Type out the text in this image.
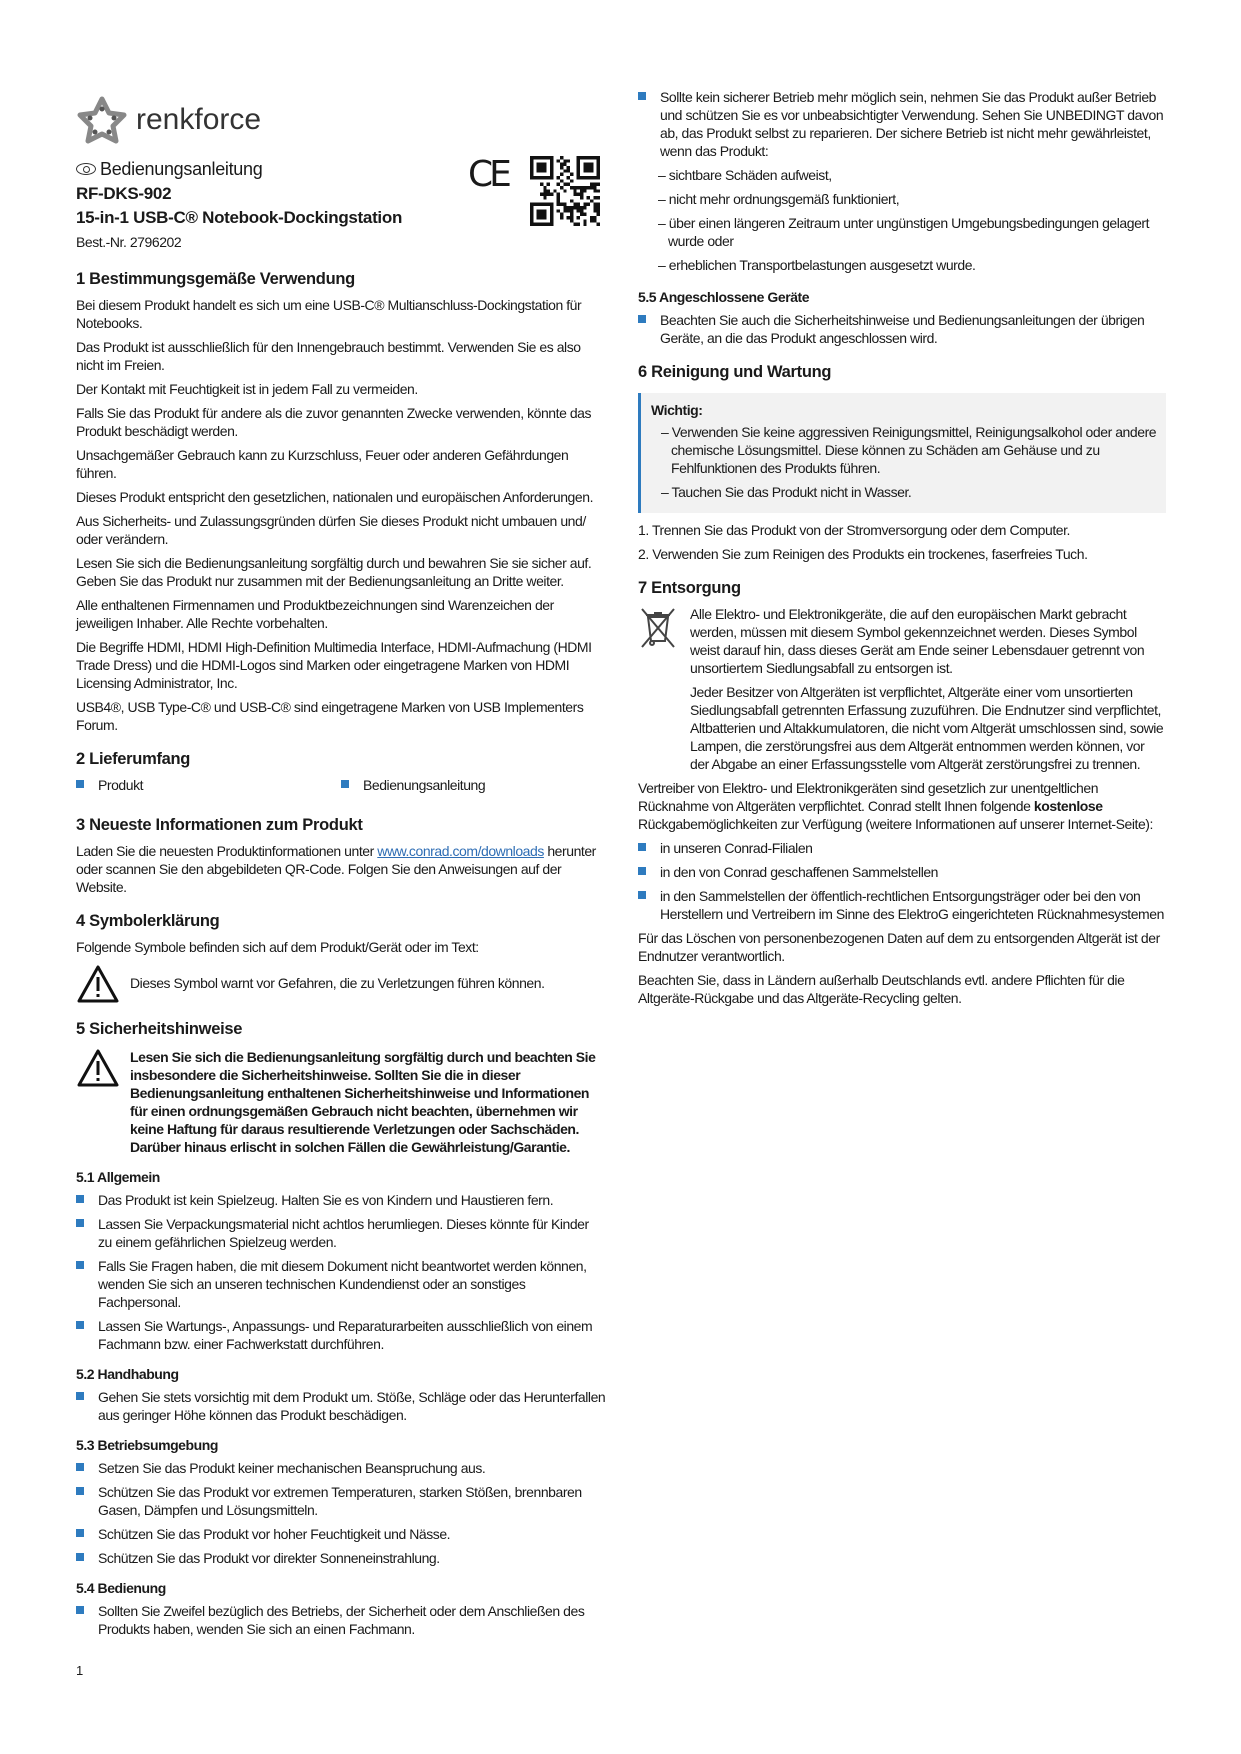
renkforce
Bedienungsanleitung
RF-DKS-902
15-in-1 USB-C® Notebook-Dockingstation
Best.-Nr. 2796202
CE
1 Bestimmungsgemäße Verwendung

Bei diesem Produkt handelt es sich um eine USB-C® Multianschluss-Dockingstation für Notebooks.

Das Produkt ist ausschließlich für den Innengebrauch bestimmt. Verwenden Sie es also nicht im Freien.

Der Kontakt mit Feuchtigkeit ist in jedem Fall zu vermeiden.

Falls Sie das Produkt für andere als die zuvor genannten Zwecke verwenden, könnte das Produkt beschädigt werden.

Unsachgemäßer Gebrauch kann zu Kurzschluss, Feuer oder anderen Gefährdungen führen.

Dieses Produkt entspricht den gesetzlichen, nationalen und europäischen Anforderungen.

Aus Sicherheits- und Zulassungsgründen dürfen Sie dieses Produkt nicht umbauen und/ oder verändern.

Lesen Sie sich die Bedienungsanleitung sorgfältig durch und bewahren Sie sie sicher auf. Geben Sie das Produkt nur zusammen mit der Bedienungsanleitung an Dritte weiter.

Alle enthaltenen Firmennamen und Produktbezeichnungen sind Warenzeichen der jeweiligen Inhaber. Alle Rechte vorbehalten.

Die Begriffe HDMI, HDMI High-Definition Multimedia Interface, HDMI-Aufmachung (HDMI Trade Dress) und die HDMI-Logos sind Marken oder eingetragene Marken von HDMI Licensing Administrator, Inc.

USB4®, USB Type-C® und USB-C® sind eingetragene Marken von USB Implementers Forum.

2 Lieferumfang
Produkt	Bedienungsanleitung
3 Neueste Informationen zum Produkt

Laden Sie die neuesten Produktinformationen unter www.conrad.com/downloads herunter oder scannen Sie den abgebildeten QR-Code. Folgen Sie den Anweisungen auf der Website.

4 Symbolerklärung

Folgende Symbole befinden sich auf dem Produkt/Gerät oder im Text:

Dieses Symbol warnt vor Gefahren, die zu Verletzungen führen können.
5 Sicherheitshinweise
Lesen Sie sich die Bedienungsanleitung sorgfältig durch und beachten Sie insbesondere die Sicherheitshinweise. Sollten Sie die in dieser Bedienungsanleitung enthaltenen Sicherheitshinweise und Informationen für einen ordnungsgemäßen Gebrauch nicht beachten, übernehmen wir keine Haftung für daraus resultierende Verletzungen oder Sachschäden. Darüber hinaus erlischt in solchen Fällen die Gewährleistung/Garantie.
5.1 Allgemein
Das Produkt ist kein Spielzeug. Halten Sie es von Kindern und Haustieren fern.
Lassen Sie Verpackungsmaterial nicht achtlos herumliegen. Dieses könnte für Kinder zu einem gefährlichen Spielzeug werden.
Falls Sie Fragen haben, die mit diesem Dokument nicht beantwortet werden können, wenden Sie sich an unseren technischen Kundendienst oder an sonstiges Fachpersonal.
Lassen Sie Wartungs-, Anpassungs- und Reparaturarbeiten ausschließlich von einem Fachmann bzw. einer Fachwerkstatt durchführen.
5.2 Handhabung
Gehen Sie stets vorsichtig mit dem Produkt um. Stöße, Schläge oder das Herunterfallen aus geringer Höhe können das Produkt beschädigen.
5.3 Betriebsumgebung
Setzen Sie das Produkt keiner mechanischen Beanspruchung aus.
Schützen Sie das Produkt vor extremen Temperaturen, starken Stößen, brennbaren Gasen, Dämpfen und Lösungsmitteln.
Schützen Sie das Produkt vor hoher Feuchtigkeit und Nässe.
Schützen Sie das Produkt vor direkter Sonneneinstrahlung.
5.4 Bedienung
Sollten Sie Zweifel bezüglich des Betriebs, der Sicherheit oder dem Anschließen des Produkts haben, wenden Sie sich an einen Fachmann.
Sollte kein sicherer Betrieb mehr möglich sein, nehmen Sie das Produkt außer Betrieb und schützen Sie es vor unbeabsichtigter Verwendung. Sehen Sie UNBEDINGT davon ab, das Produkt selbst zu reparieren. Der sichere Betrieb ist nicht mehr gewährleistet, wenn das Produkt:
– sichtbare Schäden aufweist,
– nicht mehr ordnungsgemäß funktioniert,
– über einen längeren Zeitraum unter ungünstigen Umgebungsbedingungen gelagert wurde oder
– erheblichen Transportbelastungen ausgesetzt wurde.
5.5 Angeschlossene Geräte
Beachten Sie auch die Sicherheitshinweise und Bedienungsanleitungen der übrigen Geräte, an die das Produkt angeschlossen wird.
6 Reinigung und Wartung
Wichtig:
– Verwenden Sie keine aggressiven Reinigungsmittel, Reinigungsalkohol oder andere chemische Lösungsmittel. Diese können zu Schäden am Gehäuse und zu Fehlfunktionen des Produkts führen.
– Tauchen Sie das Produkt nicht in Wasser.

1. Trennen Sie das Produkt von der Stromversorgung oder dem Computer.

2. Verwenden Sie zum Reinigen des Produkts ein trockenes, faserfreies Tuch.

7 Entsorgung

Alle Elektro- und Elektronikgeräte, die auf den europäischen Markt gebracht werden, müssen mit diesem Symbol gekennzeichnet werden. Dieses Symbol weist darauf hin, dass dieses Gerät am Ende seiner Lebensdauer getrennt von unsortiertem Siedlungsabfall zu entsorgen ist.

Jeder Besitzer von Altgeräten ist verpflichtet, Altgeräte einer vom unsortierten Siedlungsabfall getrennten Erfassung zuzuführen. Die Endnutzer sind verpflichtet, Altbatterien und Altakkumulatoren, die nicht vom Altgerät umschlossen sind, sowie Lampen, die zerstörungsfrei aus dem Altgerät entnommen werden können, vor der Abgabe an einer Erfassungsstelle vom Altgerät zerstörungsfrei zu trennen.

Vertreiber von Elektro- und Elektronikgeräten sind gesetzlich zur unentgeltlichen Rücknahme von Altgeräten verpflichtet. Conrad stellt Ihnen folgende kostenlose Rückgabemöglichkeiten zur Verfügung (weitere Informationen auf unserer Internet-Seite):

in unseren Conrad-Filialen
in den von Conrad geschaffenen Sammelstellen
in den Sammelstellen der öffentlich-rechtlichen Entsorgungsträger oder bei den von Herstellern und Vertreibern im Sinne des ElektroG eingerichteten Rücknahmesystemen

Für das Löschen von personenbezogenen Daten auf dem zu entsorgenden Altgerät ist der Endnutzer verantwortlich.

Beachten Sie, dass in Ländern außerhalb Deutschlands evtl. andere Pflichten für die Altgeräte-Rückgabe und das Altgeräte-Recycling gelten.

1
